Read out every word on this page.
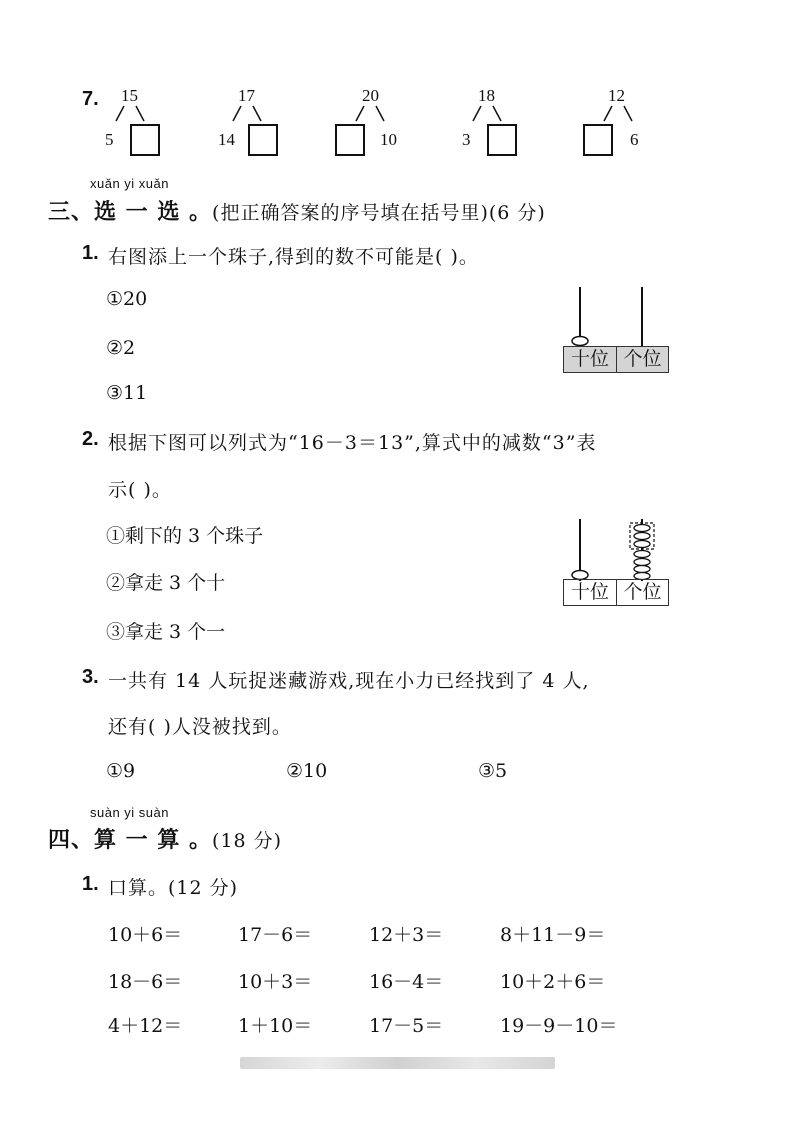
7. 15
5
17
14
20
10
18
3
12
6
xuǎn yi xuǎn
三、选 一 选 。(把正确答案的序号填在括号里)(6 分)
1. 右图添上一个珠子,得到的数不可能是( )。
①20
②2
③11
十位 个位
2. 根据下图可以列式为“16－3＝13”,算式中的减数“3”表
示( )。
①剩下的 3 个珠子
②拿走 3 个十
③拿走 3 个一
十位 个位
3. 一共有 14 人玩捉迷藏游戏,现在小力已经找到了 4 人,
还有( )人没被找到。
①9	②10	③5
suàn yi suàn
四、算 一 算 。(18 分)
1. 口算。(12 分)
10＋6＝	17－6＝	12＋3＝	8＋11－9＝
18－6＝	10＋3＝	16－4＝	10＋2＋6＝
4＋12＝	1＋10＝	17－5＝	19－9－10＝
